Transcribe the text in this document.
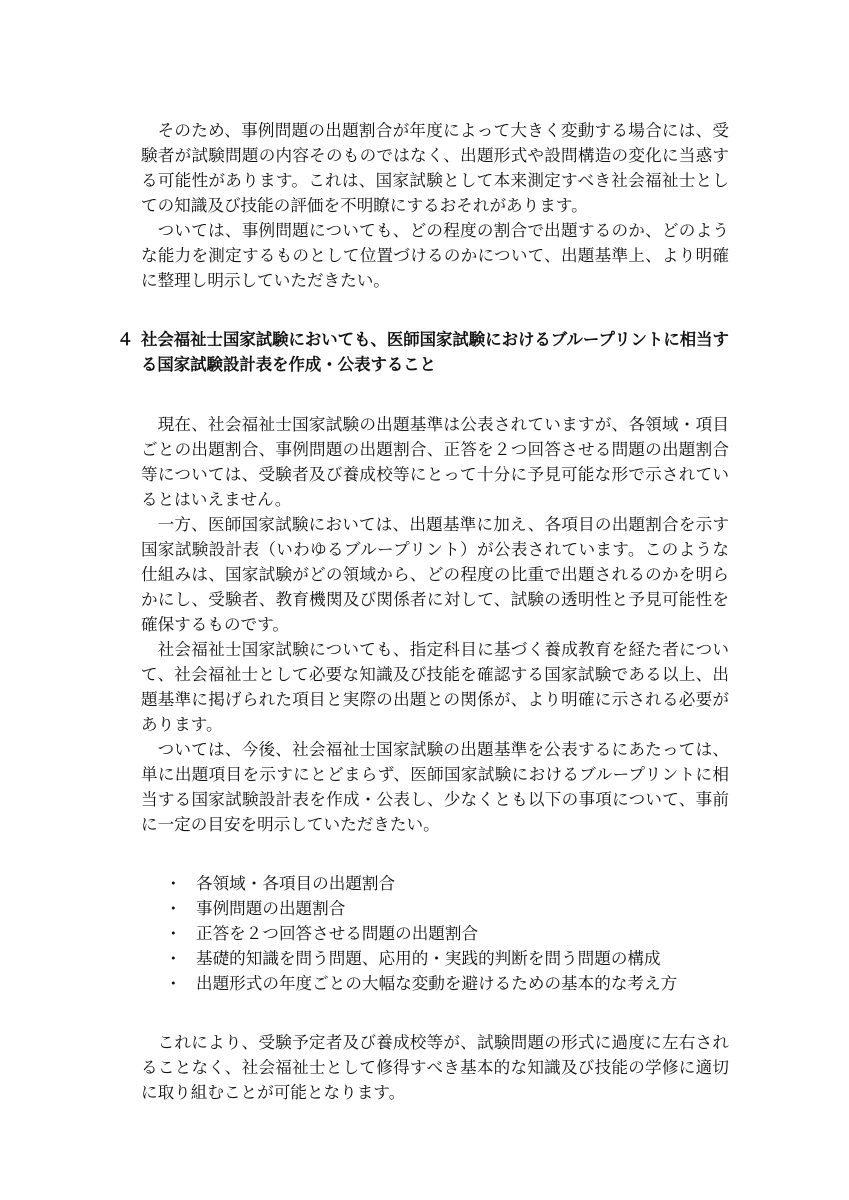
そのため、事例問題の出題割合が年度によって大きく変動する場合には、受験者が試験問題の内容そのものではなく、出題形式や設問構造の変化に当惑する可能性があります。これは、国家試験として本来測定すべき社会福祉士としての知識及び技能の評価を不明瞭にするおそれがあります。

ついては、事例問題についても、どの程度の割合で出題するのか、どのような能力を測定するものとして位置づけるのかについて、出題基準上、より明確に整理し明示していただきたい。

４ 社会福祉士国家試験においても、医師国家試験におけるブループリントに相当する国家試験設計表を作成・公表すること

現在、社会福祉士国家試験の出題基準は公表されていますが、各領域・項目ごとの出題割合、事例問題の出題割合、正答を２つ回答させる問題の出題割合等については、受験者及び養成校等にとって十分に予見可能な形で示されているとはいえません。

一方、医師国家試験においては、出題基準に加え、各項目の出題割合を示す国家試験設計表（いわゆるブループリント）が公表されています。このような仕組みは、国家試験がどの領域から、どの程度の比重で出題されるのかを明らかにし、受験者、教育機関及び関係者に対して、試験の透明性と予見可能性を確保するものです。

社会福祉士国家試験についても、指定科目に基づく養成教育を経た者について、社会福祉士として必要な知識及び技能を確認する国家試験である以上、出題基準に掲げられた項目と実際の出題との関係が、より明確に示される必要があります。

ついては、今後、社会福祉士国家試験の出題基準を公表するにあたっては、単に出題項目を示すにとどまらず、医師国家試験におけるブループリントに相当する国家試験設計表を作成・公表し、少なくとも以下の事項について、事前に一定の目安を明示していただきたい。

・ 各領域・各項目の出題割合
・ 事例問題の出題割合
・ 正答を２つ回答させる問題の出題割合
・ 基礎的知識を問う問題、応用的・実践的判断を問う問題の構成
・ 出題形式の年度ごとの大幅な変動を避けるための基本的な考え方

これにより、受験予定者及び養成校等が、試験問題の形式に過度に左右されることなく、社会福祉士として修得すべき基本的な知識及び技能の学修に適切に取り組むことが可能となります。
